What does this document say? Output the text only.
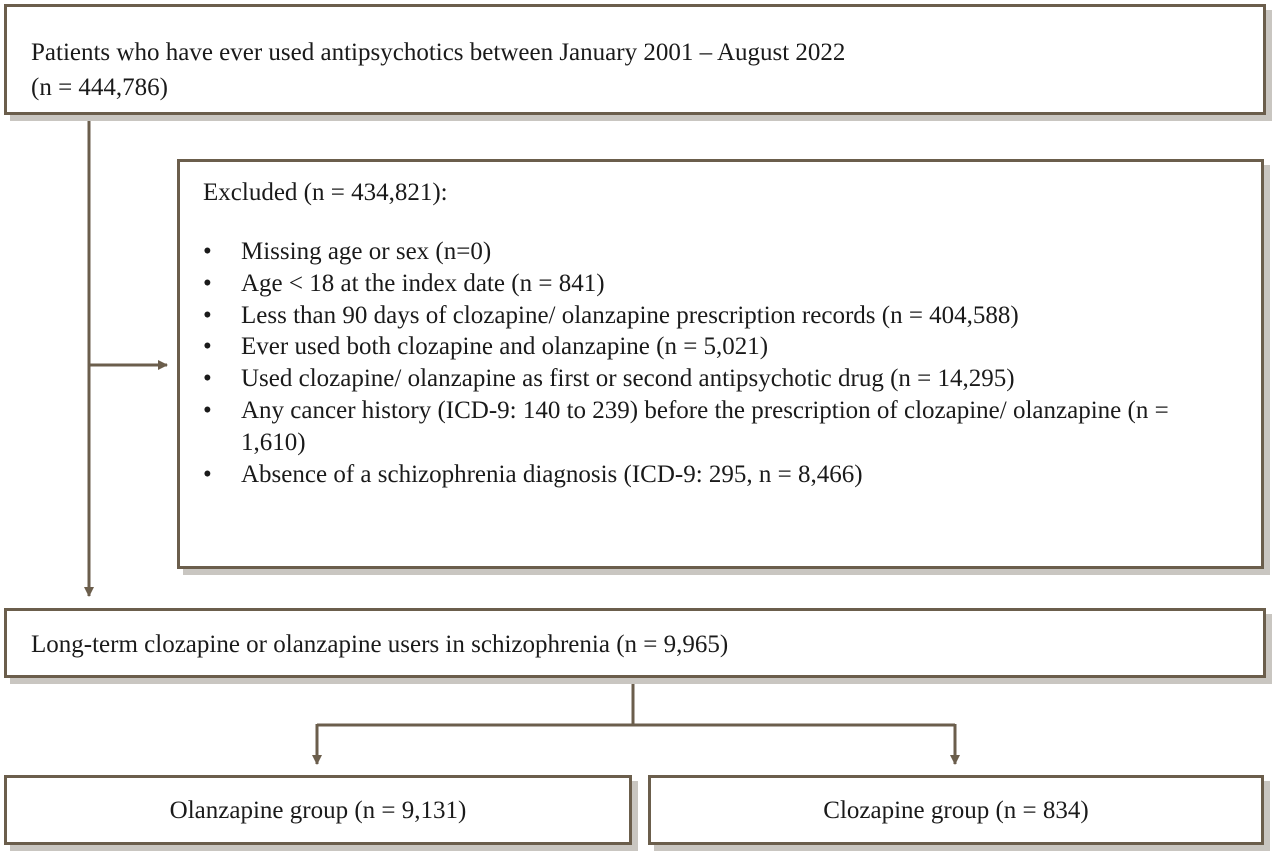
Patients who have ever used antipsychotics between January 2001 – August 2022
(n = 444,786)
Excluded (n = 434,821):
•	Missing age or sex (n=0)
•	Age < 18 at the index date (n = 841)
•	Less than 90 days of clozapine/ olanzapine prescription records (n = 404,588)
•	Ever used both clozapine and olanzapine (n = 5,021)
•	Used clozapine/ olanzapine as first or second antipsychotic drug (n = 14,295)
•	Any cancer history (ICD-9: 140 to 239) before the prescription of clozapine/ olanzapine (n = 1,610)
•	Absence of a schizophrenia diagnosis (ICD-9: 295, n = 8,466)
Long-term clozapine or olanzapine users in schizophrenia (n = 9,965)
Olanzapine group (n = 9,131)	Clozapine group (n = 834)
